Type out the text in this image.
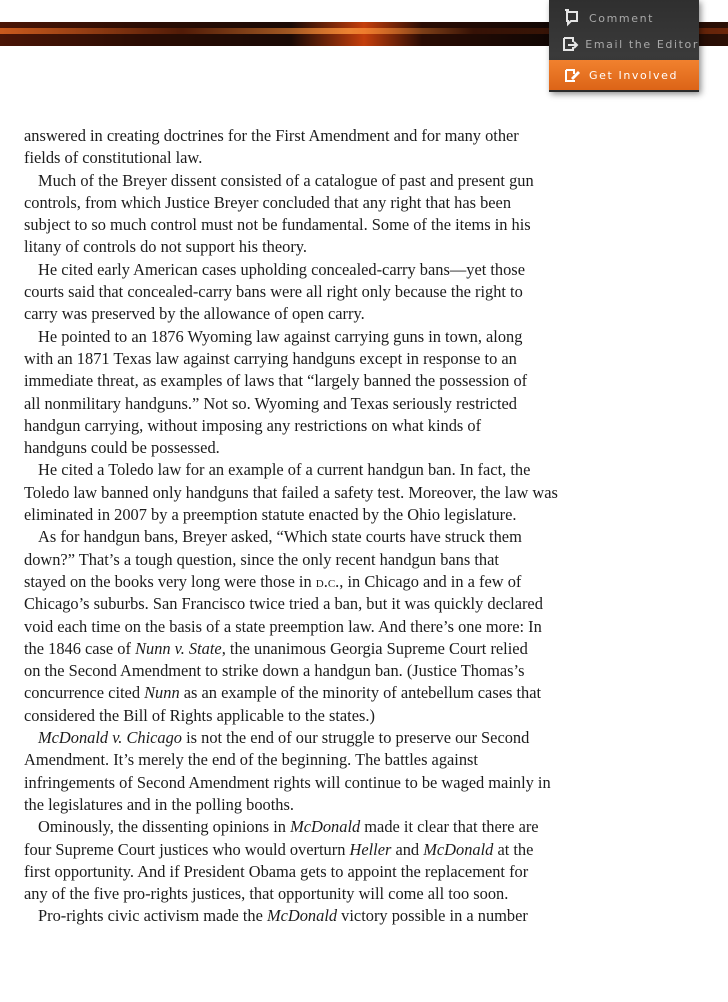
Comment
Email the Editor
Get Involved
answered in creating doctrines for the First Amendment and for many other
fields of constitutional law.
Much of the Breyer dissent consisted of a catalogue of past and present gun
controls, from which Justice Breyer concluded that any right that has been
subject to so much control must not be fundamental. Some of the items in his
litany of controls do not support his theory.
He cited early American cases upholding concealed-carry bans—yet those
courts said that concealed-carry bans were all right only because the right to
carry was preserved by the allowance of open carry.
He pointed to an 1876 Wyoming law against carrying guns in town, along
with an 1871 Texas law against carrying handguns except in response to an
immediate threat, as examples of laws that “largely banned the possession of
all nonmilitary handguns.” Not so. Wyoming and Texas seriously restricted
handgun carrying, without imposing any restrictions on what kinds of
handguns could be possessed.
He cited a Toledo law for an example of a current handgun ban. In fact, the
Toledo law banned only handguns that failed a safety test. Moreover, the law was
eliminated in 2007 by a preemption statute enacted by the Ohio legislature.
As for handgun bans, Breyer asked, “Which state courts have struck them
down?” That’s a tough question, since the only recent handgun bans that
stayed on the books very long were those in d.c., in Chicago and in a few of
Chicago’s suburbs. San Francisco twice tried a ban, but it was quickly declared
void each time on the basis of a state preemption law. And there’s one more: In
the 1846 case of Nunn v. State, the unanimous Georgia Supreme Court relied
on the Second Amendment to strike down a handgun ban. (Justice Thomas’s
concurrence cited Nunn as an example of the minority of antebellum cases that
considered the Bill of Rights applicable to the states.)
McDonald v. Chicago is not the end of our struggle to preserve our Second
Amendment. It’s merely the end of the beginning. The battles against
infringements of Second Amendment rights will continue to be waged mainly in
the legislatures and in the polling booths.
Ominously, the dissenting opinions in McDonald made it clear that there are
four Supreme Court justices who would overturn Heller and McDonald at the
first opportunity. And if President Obama gets to appoint the replacement for
any of the five pro-rights justices, that opportunity will come all too soon.
Pro-rights civic activism made the McDonald victory possible in a number
